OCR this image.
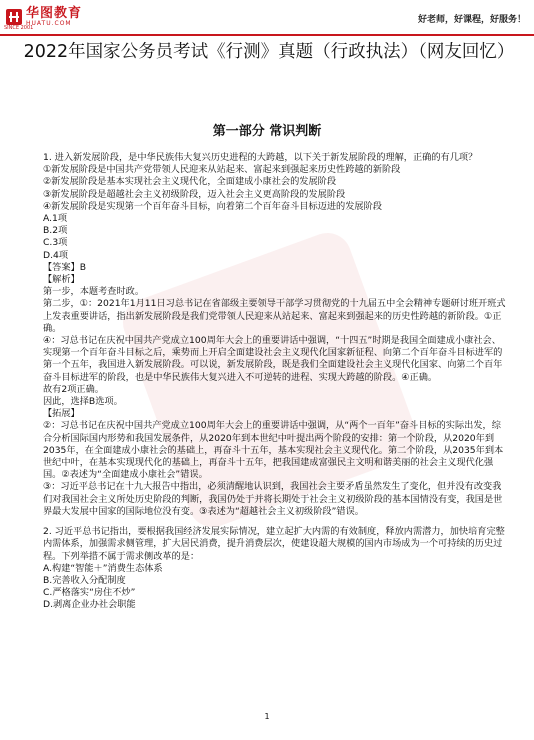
华图教育
HUATU.COM
SINCE 2001
好老师，好课程，好服务！
2022年国家公务员考试《行测》真题（行政执法）（网友回忆）
第一部分 常识判断

1. 进入新发展阶段，是中华民族伟大复兴历史进程的大跨越，以下关于新发展阶段的理解，正确的有几项？

①新发展阶段是中国共产党带领人民迎来从站起来、富起来到强起来历史性跨越的新阶段

②新发展阶段是基本实现社会主义现代化，全面建成小康社会的发展阶段

③新发展阶段是超越社会主义初级阶段，迈入社会主义更高阶段的发展阶段

④新发展阶段是实现第一个百年奋斗目标，向着第二个百年奋斗目标迈进的发展阶段

A.1项

B.2项

C.3项

D.4项

【答案】B

【解析】

第一步，本题考查时政。

第二步，①：2021年1月11日习总书记在省部级主要领导干部学习贯彻党的十九届五中全会精神专题研讨班开班式上发表重要讲话，指出新发展阶段是我们党带领人民迎来从站起来、富起来到强起来的历史性跨越的新阶段。①正确。

④：习总书记在庆祝中国共产党成立100周年大会上的重要讲话中强调，“十四五”时期是我国全面建成小康社会、实现第一个百年奋斗目标之后，乘势而上开启全面建设社会主义现代化国家新征程、向第二个百年奋斗目标进军的第一个五年，我国进入新发展阶段。可以说，新发展阶段，既是我们全面建设社会主义现代化国家、向第二个百年奋斗目标进军的阶段，也是中华民族伟大复兴进入不可逆转的进程、实现大跨越的阶段。④正确。

故有2项正确。

因此，选择B选项。

【拓展】

②：习总书记在庆祝中国共产党成立100周年大会上的重要讲话中强调，从“两个一百年”奋斗目标的实际出发，综合分析国际国内形势和我国发展条件，从2020年到本世纪中叶提出两个阶段的安排：第一个阶段，从2020年到2035年，在全面建成小康社会的基础上，再奋斗十五年，基本实现社会主义现代化。第二个阶段，从2035年到本世纪中叶，在基本实现现代化的基础上，再奋斗十五年，把我国建成富强民主文明和谐美丽的社会主义现代化强国。②表述为“全面建成小康社会”错误。

③：习近平总书记在十九大报告中指出，必须清醒地认识到，我国社会主要矛盾虽然发生了变化，但并没有改变我们对我国社会主义所处历史阶段的判断，我国仍处于并将长期处于社会主义初级阶段的基本国情没有变，我国是世界最大发展中国家的国际地位没有变。③表述为“超越社会主义初级阶段”错误。

2. 习近平总书记指出，要根据我国经济发展实际情况，建立起扩大内需的有效制度，释放内需潜力，加快培育完整内需体系，加强需求侧管理，扩大居民消费，提升消费层次，使建设超大规模的国内市场成为一个可持续的历史过程。下列举措不属于需求侧改革的是：

A.构建“智能＋”消费生态体系

B.完善收入分配制度

C.严格落实“房住不炒”

D.剥离企业办社会职能

1
